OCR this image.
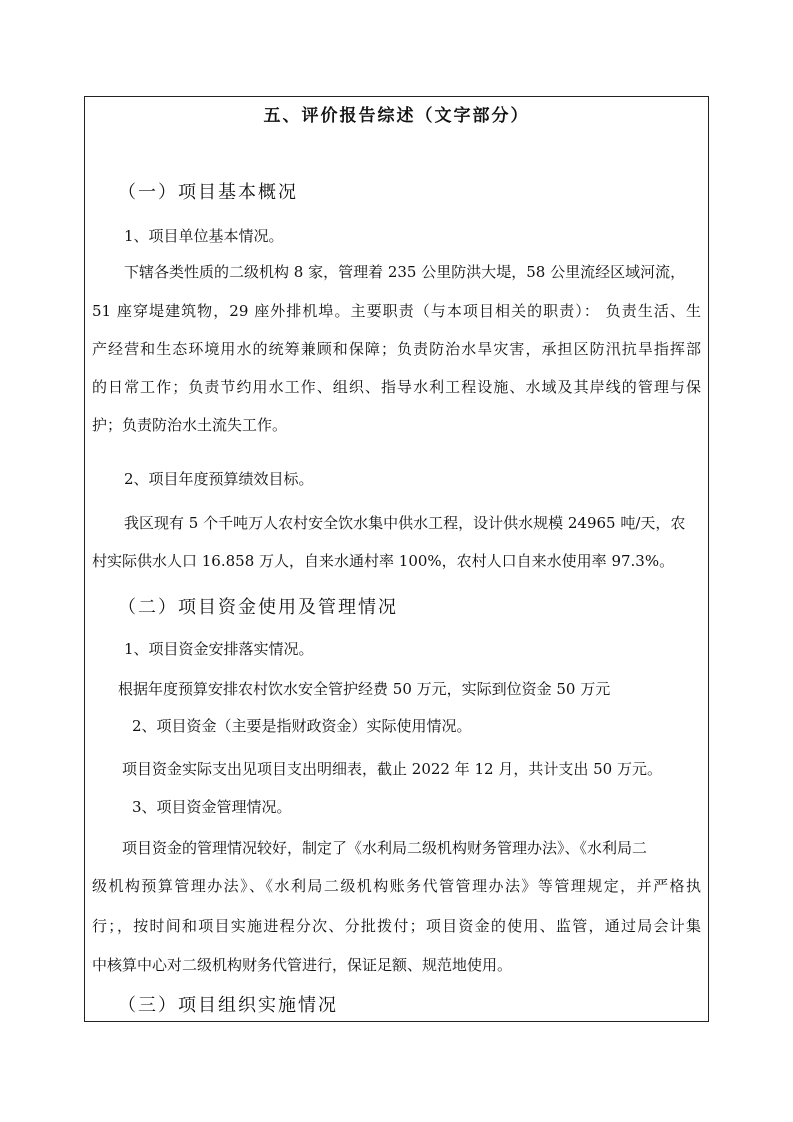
五、评价报告综述（文字部分）
（一）项目基本概况
1、项目单位基本情况。
下辖各类性质的二级机构 8 家，管理着 235 公里防洪大堤，58 公里流经区域河流，
51 座穿堤建筑物，29 座外排机埠。主要职责（与本项目相关的职责）： 负责生活、生
产经营和生态环境用水的统筹兼顾和保障；负责防治水旱灾害，承担区防汛抗旱指挥部
的日常工作；负责节约用水工作、组织、指导水利工程设施、水域及其岸线的管理与保
护；负责防治水土流失工作。
2、项目年度预算绩效目标。
我区现有 5 个千吨万人农村安全饮水集中供水工程，设计供水规模 24965 吨/天，农
村实际供水人口 16.858 万人，自来水通村率 100%，农村人口自来水使用率 97.3%。
（二）项目资金使用及管理情况
1、项目资金安排落实情况。
根据年度预算安排农村饮水安全管护经费 50 万元，实际到位资金 50 万元
2、项目资金（主要是指财政资金）实际使用情况。
项目资金实际支出见项目支出明细表，截止 2022 年 12 月，共计支出 50 万元。
3、项目资金管理情况。
项目资金的管理情况较好，制定了《水利局二级机构财务管理办法》、《水利局二
级机构预算管理办法》、《水利局二级机构账务代管管理办法》等管理规定，并严格执
行；，按时间和项目实施进程分次、分批拨付；项目资金的使用、监管，通过局会计集
中核算中心对二级机构财务代管进行，保证足额、规范地使用。
（三）项目组织实施情况
